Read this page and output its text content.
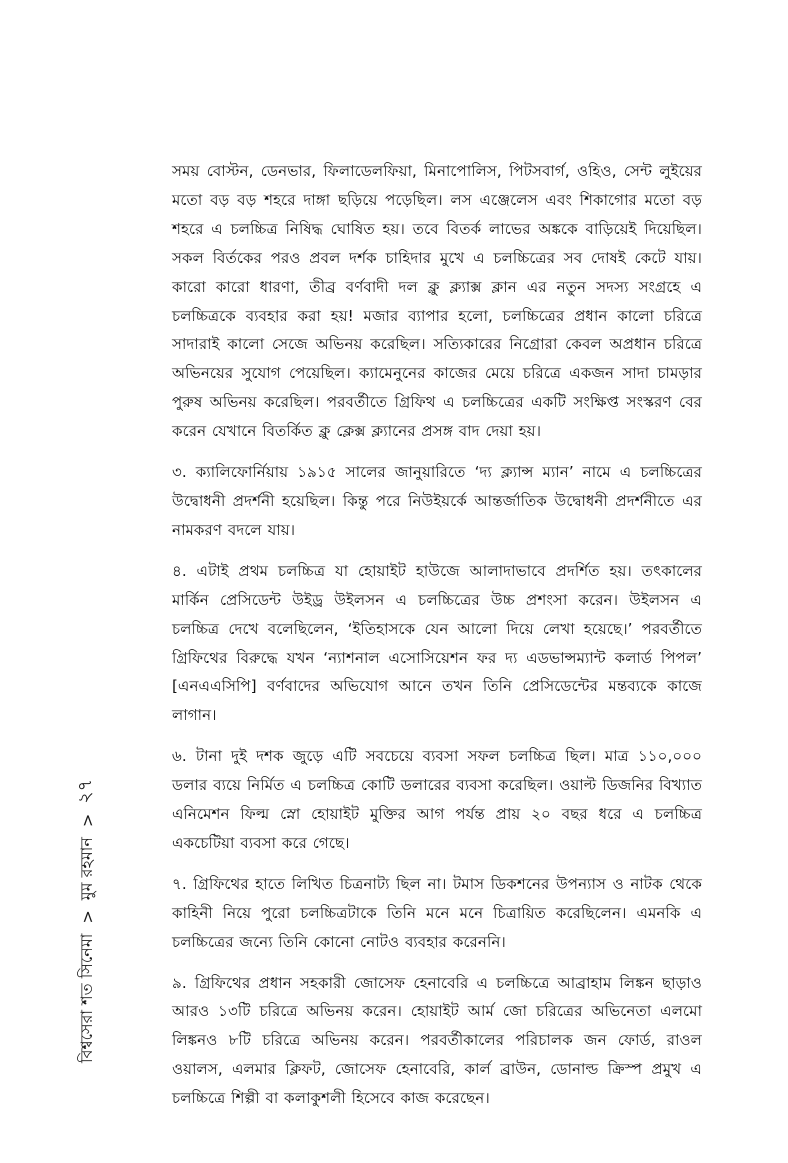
বিশ্বসেরা শত সিনেমা
>
মুম রহমান
>
২৭

সময় বোস্টন, ডেনভার, ফিলাডেলফিয়া, মিনাপোলিস, পিটসবার্গ, ওহিও, সেন্ট লুইয়ের মতো বড় বড় শহরে দাঙ্গা ছড়িয়ে পড়েছিল। লস এঞ্জেলেস এবং শিকাগোর মতো বড় শহরে এ চলচ্চিত্র নিষিদ্ধ ঘোষিত হয়। তবে বিতর্ক লাভের অঙ্ককে বাড়িয়েই দিয়েছিল। সকল বির্তকের পরও প্রবল দর্শক চাহিদার মুখে এ চলচ্চিত্রের সব দোষই কেটে যায়। কারো কারো ধারণা, তীব্র বর্ণবাদী দল ক্লু ক্ল্যাক্স ক্লান এর নতুন সদস্য সংগ্রহে এ চলচ্চিত্রকে ব্যবহার করা হয়! মজার ব্যাপার হলো, চলচ্চিত্রের প্রধান কালো চরিত্রে সাদারাই কালো সেজে অভিনয় করেছিল। সত্যিকারের নিগ্রোরা কেবল অপ্রধান চরিত্রে অভিনয়ের সুযোগ পেয়েছিল। ক্যামেনুনের কাজের মেয়ে চরিত্রে একজন সাদা চামড়ার পুরুষ অভিনয় করেছিল। পরবর্তীতে গ্রিফিথ এ চলচ্চিত্রের একটি সংক্ষিপ্ত সংস্করণ বের করেন যেখানে বিতর্কিত ক্লু ক্লেক্স ক্ল্যানের প্রসঙ্গ বাদ দেয়া হয়।

৩. ক্যালিফোর্নিয়ায় ১৯১৫ সালের জানুয়ারিতে ‘দ্য ক্ল্যান্স ম্যান’ নামে এ চলচ্চিত্রের উদ্বোধনী প্রদর্শনী হয়েছিল। কিন্তু পরে নিউইয়র্কে আন্তর্জাতিক উদ্বোধনী প্রদর্শনীতে এর নামকরণ বদলে যায়।

৪. এটাই প্রথম চলচ্চিত্র যা হোয়াইট হাউজে আলাদাভাবে প্রদর্শিত হয়। তৎকালের মার্কিন প্রেসিডেন্ট উইড্র উইলসন এ চলচ্চিত্রের উচ্চ প্রশংসা করেন। উইলসন এ চলচ্চিত্র দেখে বলেছিলেন, ‘ইতিহাসকে যেন আলো দিয়ে লেখা হয়েছে।’ পরবর্তীতে গ্রিফিথের বিরুদ্ধে যখন ‘ন্যাশনাল এসোসিয়েশন ফর দ্য এডভান্সম্যান্ট কলার্ড পিপল’ [এনএএসিপি] বর্ণবাদের অভিযোগ আনে তখন তিনি প্রেসিডেন্টের মন্তব্যকে কাজে লাগান।

৬. টানা দুই দশক জুড়ে এটি সবচেয়ে ব্যবসা সফল চলচ্চিত্র ছিল। মাত্র ১১০,০০০ ডলার ব্যয়ে নির্মিত এ চলচ্চিত্র কোটি ডলারের ব্যবসা করেছিল। ওয়াল্ট ডিজনির বিখ্যাত এনিমেশন ফিল্ম স্নো হোয়াইট মুক্তির আগ পর্যন্ত প্রায় ২০ বছর ধরে এ চলচ্চিত্র একচেটিয়া ব্যবসা করে গেছে।

৭. গ্রিফিথের হাতে লিখিত চিত্রনাট্য ছিল না। টমাস ডিকশনের উপন্যাস ও নাটক থেকে কাহিনী নিয়ে পুরো চলচ্চিত্রটাকে তিনি মনে মনে চিত্রায়িত করেছিলেন। এমনকি এ চলচ্চিত্রের জন্যে তিনি কোনো নোটও ব্যবহার করেননি।

৯. গ্রিফিথের প্রধান সহকারী জোসেফ হেনাবেরি এ চলচ্চিত্রে আব্রাহাম লিঙ্কন ছাড়াও আরও ১৩টি চরিত্রে অভিনয় করেন। হোয়াইট আর্ম জো চরিত্রের অভিনেতা এলমো লিঙ্কনও ৮টি চরিত্রে অভিনয় করেন। পরবর্তীকালের পরিচালক জন ফোর্ড, রাওল ওয়ালস, এলমার ক্লিফট, জোসেফ হেনাবেরি, কার্ল ব্রাউন, ডোনাল্ড ক্রিস্প প্রমুখ এ চলচ্চিত্রে শিল্পী বা কলাকুশলী হিসেবে কাজ করেছেন।
